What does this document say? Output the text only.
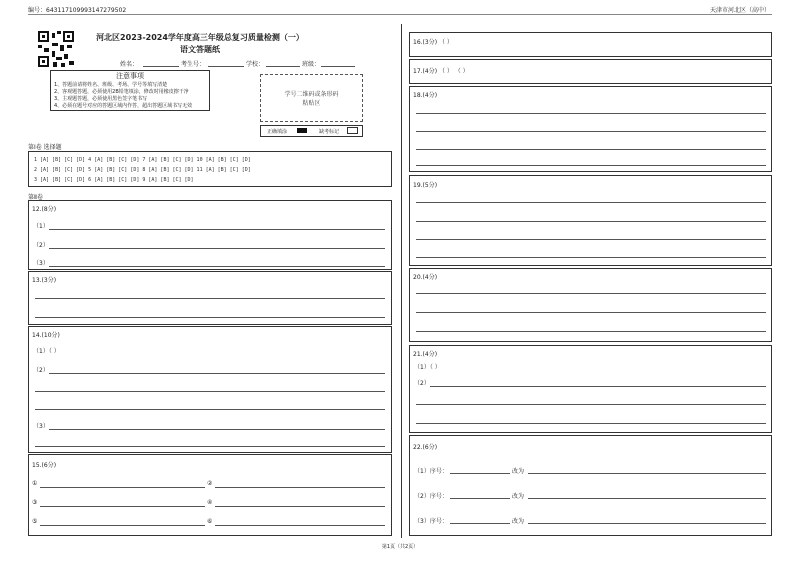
编号：643117109993147279502	天津市河北区（高中）
河北区2023-2024学年度高三年级总复习质量检测（一）
语文答题纸
姓名：	考生号：	学校：	班级：
注意事项
1、答题前请将姓名、班级、考场、学号等填写清楚
2、客观题答题，必须使用2B铅笔填涂，修改时用橡皮擦干净
3、主观题答题，必须使用黑色签字笔书写
4、必须在题号对应的答题区域内作答，超出答题区域书写无效
学号二维码或条形码
粘贴区
正确填涂	缺考标记
第Ⅰ卷 选择题
1 [A] [B] [C] [D] 4 [A] [B] [C] [D] 7 [A] [B] [C] [D] 10 [A] [B] [C] [D]
2 [A] [B] [C] [D] 5 [A] [B] [C] [D] 8 [A] [B] [C] [D] 11 [A] [B] [C] [D]
3 [A] [B] [C] [D] 6 [A] [B] [C] [D] 9 [A] [B] [C] [D]
第Ⅱ卷
12.(8分)
（1）
（2）
（3）
13.(3分)
14.(10分)
（1）（ ）
（2）
（3）
15.(6分)
①	②
③	④
⑤	⑥
16.(3分) （ ）
17.(4分) （ ） （ ）
18.(4分)
19.(5分)
20.(4分)
21.(4分)
（1）（ ）
（2）
22.(6分)
（1）序号：	改为
（2）序号：	改为
（3）序号：	改为
第1页（共2页）
